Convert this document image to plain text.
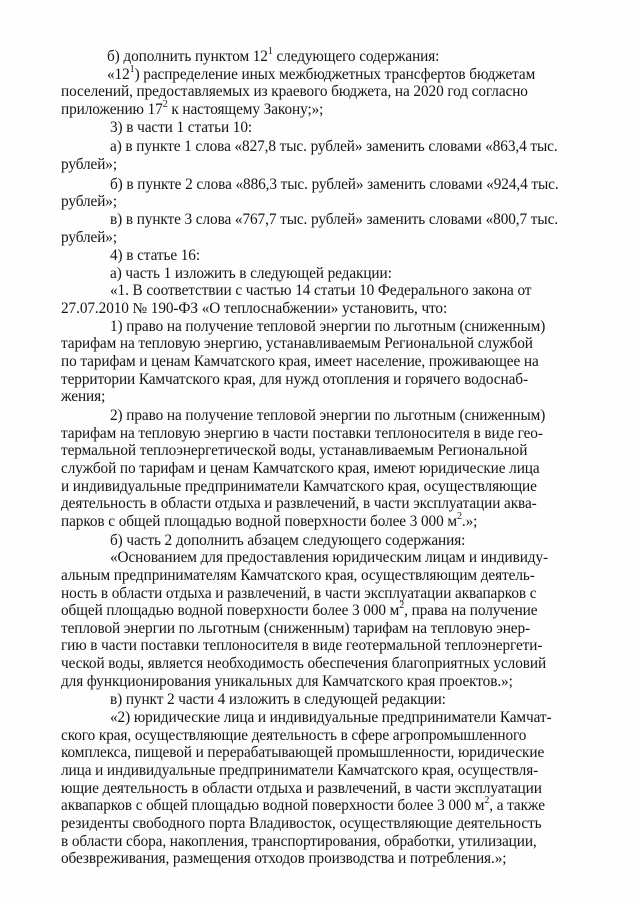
б) дополнить пунктом $12^1$ следующего содержания:
«$12^1$) распределение иных межбюджетных трансфертов бюджетам
поселений, предоставляемых из краевого бюджета, на 2020 год согласно
приложению $17^2$ к настоящему Закону;»;
3) в части 1 статьи 10:
а) в пункте 1 слова «827,8 тыс. рублей» заменить словами «863,4 тыс.
рублей»;
б) в пункте 2 слова «886,3 тыс. рублей» заменить словами «924,4 тыс.
рублей»;
в) в пункте 3 слова «767,7 тыс. рублей» заменить словами «800,7 тыс.
рублей»;
4) в статье 16:
а) часть 1 изложить в следующей редакции:
«1. В соответствии с частью 14 статьи 10 Федерального закона от
27.07.2010 № 190-ФЗ «О теплоснабжении» установить, что:
1) право на получение тепловой энергии по льготным (сниженным)
тарифам на тепловую энергию, устанавливаемым Региональной службой
по тарифам и ценам Камчатского края, имеет население, проживающее на
территории Камчатского края, для нужд отопления и горячего водоснаб-
жения;
2) право на получение тепловой энергии по льготным (сниженным)
тарифам на тепловую энергию в части поставки теплоносителя в виде гео-
термальной теплоэнергетической воды, устанавливаемым Региональной
службой по тарифам и ценам Камчатского края, имеют юридические лица
и индивидуальные предприниматели Камчатского края, осуществляющие
деятельность в области отдыха и развлечений, в части эксплуатации аква-
парков с общей площадью водной поверхности более 3 000 $м^2$.»;
б) часть 2 дополнить абзацем следующего содержания:
«Основанием для предоставления юридическим лицам и индивиду-
альным предпринимателям Камчатского края, осуществляющим деятель-
ность в области отдыха и развлечений, в части эксплуатации аквапарков с
общей площадью водной поверхности более 3 000 $м^2$, права на получение
тепловой энергии по льготным (сниженным) тарифам на тепловую энер-
гию в части поставки теплоносителя в виде геотермальной теплоэнергети-
ческой воды, является необходимость обеспечения благоприятных условий
для функционирования уникальных для Камчатского края проектов.»;
в) пункт 2 части 4 изложить в следующей редакции:
«2) юридические лица и индивидуальные предприниматели Камчат-
ского края, осуществляющие деятельность в сфере агропромышленного
комплекса, пищевой и перерабатывающей промышленности, юридические
лица и индивидуальные предприниматели Камчатского края, осуществля-
ющие деятельность в области отдыха и развлечений, в части эксплуатации
аквапарков с общей площадью водной поверхности более 3 000 $м^2$, а также
резиденты свободного порта Владивосток, осуществляющие деятельность
в области сбора, накопления, транспортирования, обработки, утилизации,
обезвреживания, размещения отходов производства и потребления.»;
